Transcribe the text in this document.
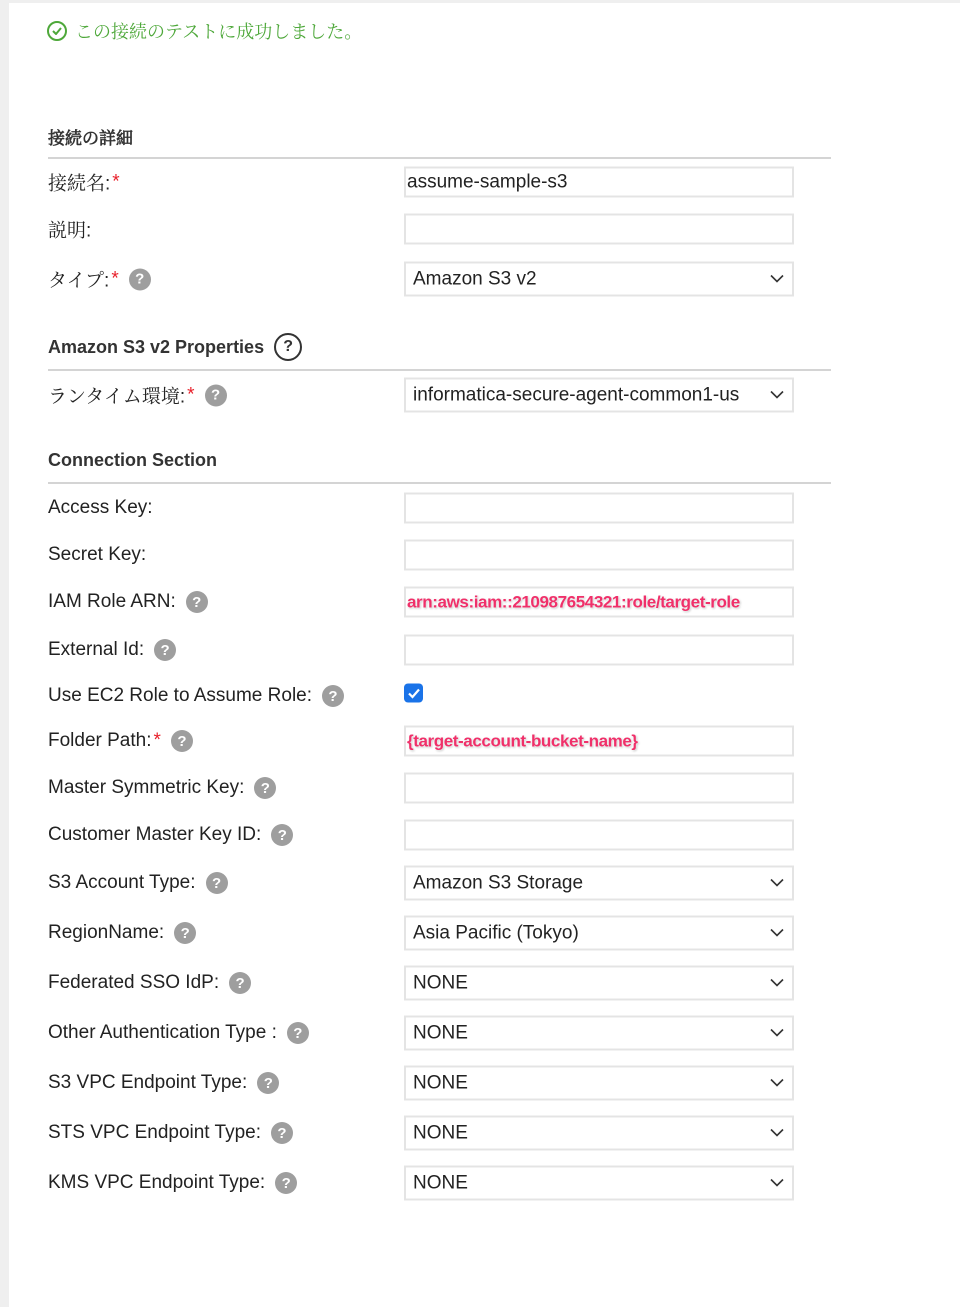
この接続のテストに成功しました。
接続の詳細
接続名: *	assume-sample-s3
説明:
タイプ: *	?	Amazon S3 v2
Amazon S3 v2 Properties	?
ランタイム環境: *	?	informatica-secure-agent-common1-us
Connection Section
Access Key:
Secret Key:
IAM Role ARN:	?	arn:aws:iam::210987654321:role/target-role
External Id:	?
Use EC2 Role to Assume Role:	?
Folder Path: *	?	{target-account-bucket-name}
Master Symmetric Key:	?
Customer Master Key ID:	?
S3 Account Type:	?	Amazon S3 Storage
RegionName:	?	Asia Pacific (Tokyo)
Federated SSO IdP:	?	NONE
Other Authentication Type :	?	NONE
S3 VPC Endpoint Type:	?	NONE
STS VPC Endpoint Type:	?	NONE
KMS VPC Endpoint Type:	?	NONE
